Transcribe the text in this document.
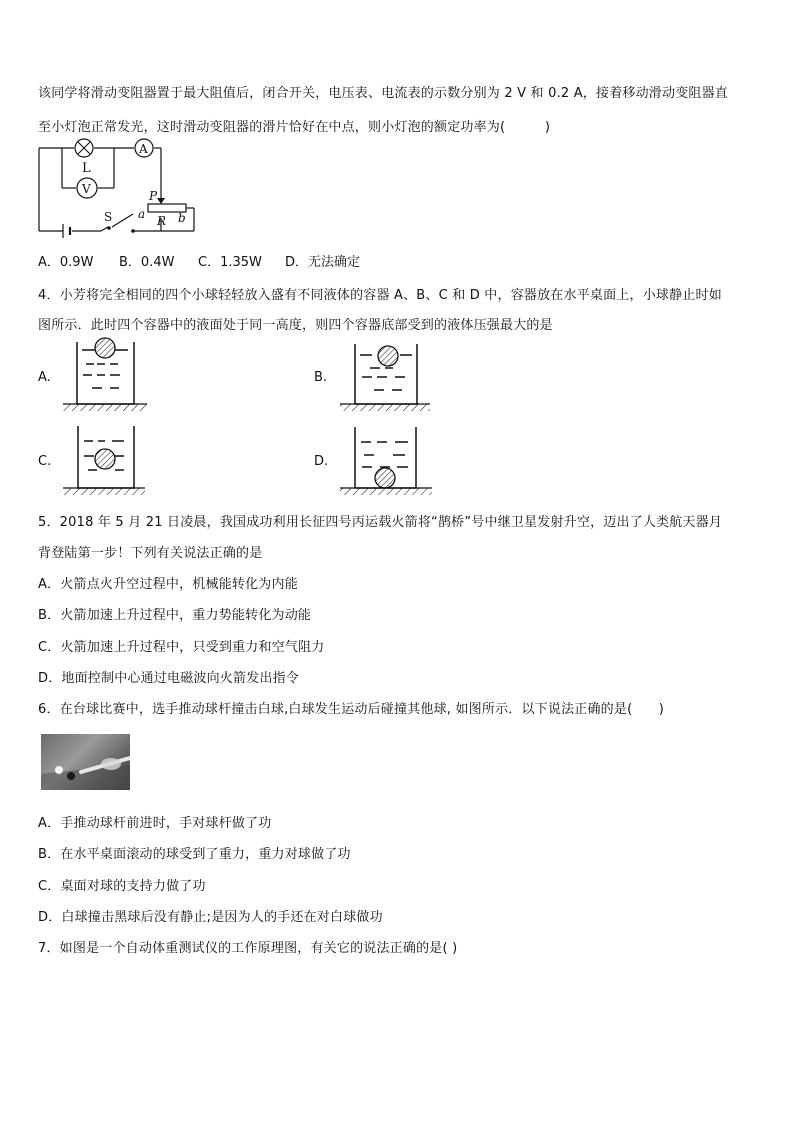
该同学将滑动变阻器置于最大阻值后，闭合开关，电压表、电流表的示数分别为 2 V 和 0.2 A，接着移动滑动变阻器直
至小灯泡正常发光，这时滑动变阻器的滑片恰好在中点，则小灯泡的额定功率为(　　　)
L
A
V
S
P
a R b
A．0.9W B．0.4W C．1.35W D．无法确定
4．小芳将完全相同的四个小球轻轻放入盛有不同液体的容器 A、B、C 和 D 中，容器放在水平桌面上，小球静止时如
图所示．此时四个容器中的液面处于同一高度，则四个容器底部受到的液体压强最大的是
A.	B.
C.	D.
5．2018 年 5 月 21 日凌晨，我国成功利用长征四号丙运载火箭将“鹊桥”号中继卫星发射升空，迈出了人类航天器月
背登陆第一步！下列有关说法正确的是
A．火箭点火升空过程中，机械能转化为内能
B．火箭加速上升过程中，重力势能转化为动能
C．火箭加速上升过程中，只受到重力和空气阻力
D．地面控制中心通过电磁波向火箭发出指令
6．在台球比赛中，选手推动球杆撞击白球,白球发生运动后碰撞其他球, 如图所示．以下说法正确的是(　　)
A．手推动球杆前进时，手对球杆做了功
B．在水平桌面滚动的球受到了重力，重力对球做了功
C．桌面对球的支持力做了功
D．白球撞击黑球后没有静止;是因为人的手还在对白球做功
7．如图是一个自动体重测试仪的工作原理图，有关它的说法正确的是( )
